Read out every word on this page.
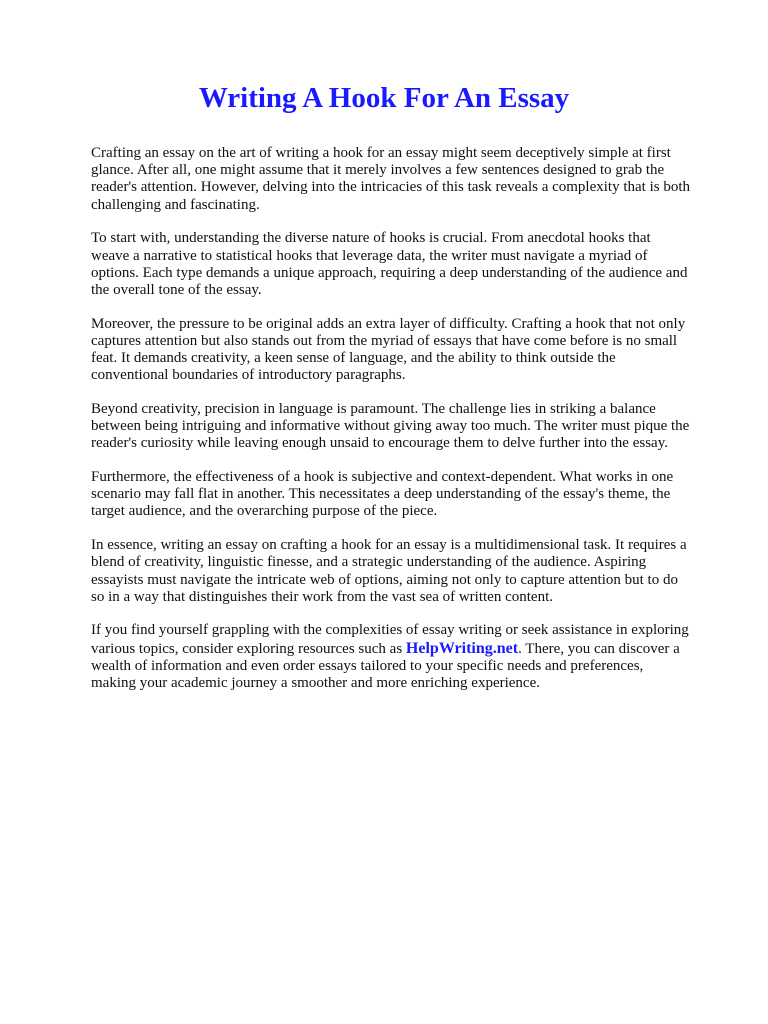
Writing A Hook For An Essay

Crafting an essay on the art of writing a hook for an essay might seem deceptively simple at first glance. After all, one might assume that it merely involves a few sentences designed to grab the reader's attention. However, delving into the intricacies of this task reveals a complexity that is both challenging and fascinating.

To start with, understanding the diverse nature of hooks is crucial. From anecdotal hooks that weave a narrative to statistical hooks that leverage data, the writer must navigate a myriad of options. Each type demands a unique approach, requiring a deep understanding of the audience and the overall tone of the essay.

Moreover, the pressure to be original adds an extra layer of difficulty. Crafting a hook that not only captures attention but also stands out from the myriad of essays that have come before is no small feat. It demands creativity, a keen sense of language, and the ability to think outside the conventional boundaries of introductory paragraphs.

Beyond creativity, precision in language is paramount. The challenge lies in striking a balance between being intriguing and informative without giving away too much. The writer must pique the reader's curiosity while leaving enough unsaid to encourage them to delve further into the essay.

Furthermore, the effectiveness of a hook is subjective and context-dependent. What works in one scenario may fall flat in another. This necessitates a deep understanding of the essay's theme, the target audience, and the overarching purpose of the piece.

In essence, writing an essay on crafting a hook for an essay is a multidimensional task. It requires a blend of creativity, linguistic finesse, and a strategic understanding of the audience. Aspiring essayists must navigate the intricate web of options, aiming not only to capture attention but to do so in a way that distinguishes their work from the vast sea of written content.

If you find yourself grappling with the complexities of essay writing or seek assistance in exploring various topics, consider exploring resources such as HelpWriting.net. There, you can discover a wealth of information and even order essays tailored to your specific needs and preferences, making your academic journey a smoother and more enriching experience.
